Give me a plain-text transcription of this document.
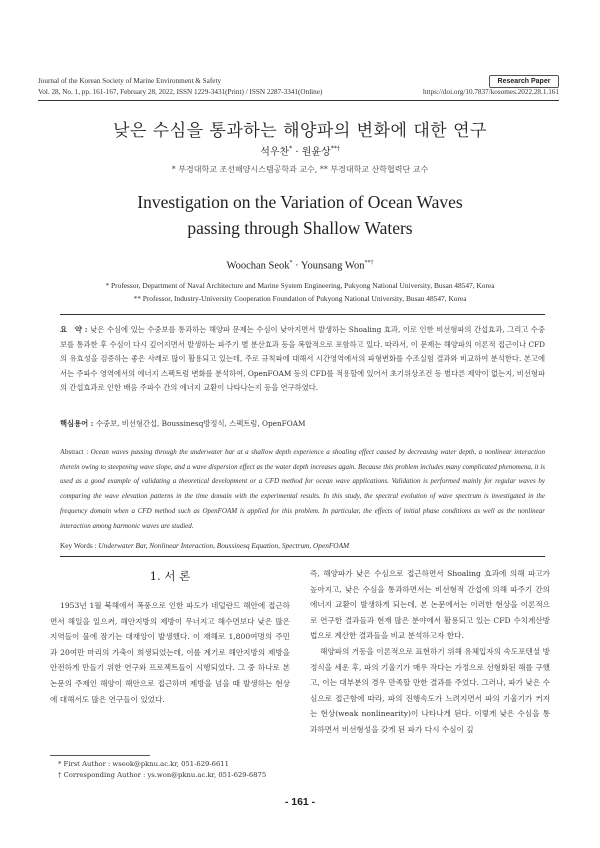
Journal of the Korean Society of Marine Environment & Safety	Research Paper
Vol. 28, No. 1, pp. 161-167, February 28, 2022, ISSN 1229-3431(Print) / ISSN 2287-3341(Online)	https://doi.org/10.7837/kosomes.2022.28.1.161
낮은 수심을 통과하는 해양파의 변화에 대한 연구
석우찬* · 원윤상**†
* 부경대학교 조선해양시스템공학과 교수, ** 부경대학교 산학협력단 교수
Investigation on the Variation of Ocean Waves
passing through Shallow Waters
Woochan Seok* · Younsang Won**†
* Professor, Department of Naval Architecture and Marine System Engineering, Pukyong National University, Busan 48547, Korea
** Professor, Industry-University Cooperation Foundation of Pukyong National University, Busan 48547, Korea
요　약 : 낮은 수심에 있는 수중보를 통과하는 해양파 문제는 수심이 낮아지면서 발생하는 Shoaling 효과, 이로 인한 비선형파의 간섭효과, 그리고 수중보를 통과한 후 수심이 다시 깊어지면서 발생하는 파주기 별 분산효과 등을 복합적으로 포함하고 있다. 따라서, 이 문제는 해양파의 이론적 접근이나 CFD의 유효성을 검증하는 좋은 사례로 많이 활용되고 있는데, 주로 규칙파에 대해서 시간영역에서의 파형변화를 수조실험 결과와 비교하여 분석한다. 본고에서는 주파수 영역에서의 에너지 스펙트럼 변화를 분석하여, OpenFOAM 등의 CFD를 적용할에 있어서 초기위상조건 등 별다른 제약이 없는지, 비선형파의 간섭효과로 인한 배음 주파수 간의 에너지 교환이 나타나는지 등을 연구하였다.
핵심용어 : 수중보, 비선형간섭, Boussinesq방정식, 스펙트럼, OpenFOAM
Abstract : Ocean waves passing through the underwater bar at a shallow depth experience a shoaling effect caused by decreasing water depth, a nonlinear interaction therein owing to steepening wave slope, and a wave dispersion effect as the water depth increases again. Because this problem includes many complicated phenomena, it is used as a good example of validating a theoretical development or a CFD method for ocean wave applications. Validation is performed mainly for regular waves by comparing the wave elevation patterns in the time domain with the experimental results. In this study, the spectral evolution of wave spectrum is investigated in the frequency domain when a CFD method such as OpenFOAM is applied for this problem. In particular, the effects of initial phase conditions as well as the nonlinear interaction among harmonic waves are studied.
Key Words : Underwater Bar, Nonlinear Interaction, Boussinesq Equation, Spectrum, OpenFOAM
1. 서 론

1953년 1월 북해에서 폭풍으로 인한 파도가 네덜란드 해안에 접근하면서 해일을 일으켜, 해안지방의 제방이 무너지고 해수면보다 낮은 많은 지역들이 물에 잠기는 대재앙이 발생했다. 이 재해로 1,800여명의 주민과 20여만 마리의 가축이 희생되었는데, 이를 계기로 해안지방의 제방을 안전하게 만들기 위한 연구와 프로젝트들이 시행되었다. 그 중 하나로 본 논문의 주제인 해양이 해안으로 접근하며 제방을 넘을 때 발생하는 현상에 대해서도 많은 연구들이 있었다.

즉, 해양파가 낮은 수심으로 접근하면서 Shoaling 효과에 의해 파고가 높아지고, 낮은 수심을 통과하면서는 비선형적 간섭에 의해 파주기 간의 에너지 교환이 발생하게 되는데, 본 논문에서는 이러한 현상을 이론적으로 연구한 결과들과 현재 많은 분야에서 활용되고 있는 CFD 수치계산방법으로 계산한 결과들을 비교 분석하고자 한다.

해양파의 거동을 이론적으로 표현하기 위해 유체입자의 속도포텐셜 방정식을 세운 후, 파의 기울기가 매우 작다는 가정으로 선형화된 해를 구했고, 이는 대부분의 경우 만족할 만한 결과를 주었다. 그러나, 파가 낮은 수심으로 접근함에 따라, 파의 진행속도가 느려지면서 파의 기울기가 커지는 현상(weak nonlinearity)이 나타나게 된다. 이렇게 낮은 수심을 통과하면서 비선형성을 갖게 된 파가 다시 수심이 깊

* First Author : wseok@pknu.ac.kr, 051-629-6611
† Corresponding Author : ys.won@pknu.ac.kr, 051-629-6875
- 161 -
